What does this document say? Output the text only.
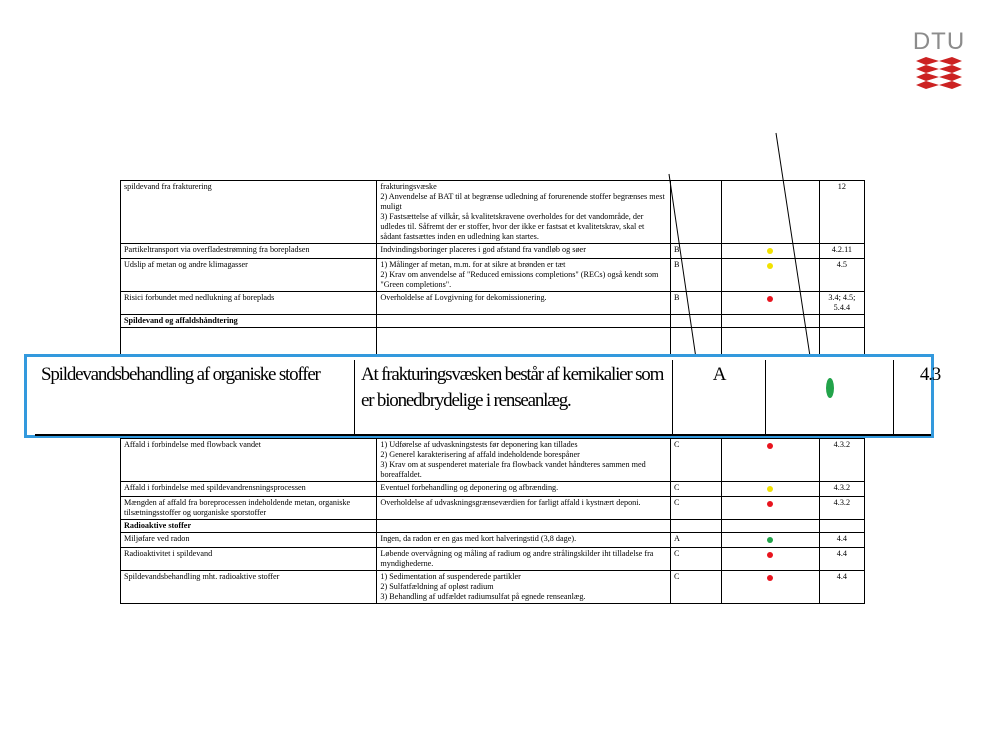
DTU
spildevand fra frakturering	frakturingsvæske
2) Anvendelse af BAT til at begrænse udledning af forurenende stoffer begrænses mest muligt
3) Fastsættelse af vilkår, så kvalitetskravene overholdes for det vandområde, der udledes til. Såfremt der er stoffer, hvor der ikke er fastsat et kvalitetskrav, skal et sådant fastsættes inden en udledning kan startes.			12
Partikeltransport via overfladestrømning fra borepladsen	Indvindingsboringer placeres i god afstand fra vandløb og søer	B		4.2.11
Udslip af metan og andre klimagasser	1) Målinger af metan, m.m. for at sikre at brønden er tæt
2) Krav om anvendelse af "Reduced emissions completions" (RECs) også kendt som "Green completions".	B		4.5
Risici forbundet med nedlukning af boreplads	Overholdelse af Lovgivning for dekomissionering.	B		3.4; 4.5; 5.4.4
Spildevand og affaldshåndtering				

Affald i forbindelse med flowback vandet	1) Udførelse af udvaskningstests før deponering kan tillades
2) Generel karakterisering af affald indeholdende borespåner
3) Krav om at suspenderet materiale fra flowback vandet håndteres sammen med boreaffaldet.	C		4.3.2
Affald i forbindelse med spildevandrensningsprocessen	Eventuel forbehandling og deponering og afbrænding.	C		4.3.2
Mængden af affald fra boreprocessen indeholdende metan, organiske tilsætningsstoffer og uorganiske sporstoffer	Overholdelse af udvaskningsgrænseværdien for farligt affald i kystnært deponi.	C		4.3.2
Radioaktive stoffer				
Miljøfare ved radon	Ingen, da radon er en gas med kort halveringstid (3,8 dage).	A		4.4
Radioaktivitet i spildevand	Løbende overvågning og måling af radium og andre strålingskilder iht tilladelse fra myndighederne.	C		4.4
Spildevandsbehandling mht. radioaktive stoffer	1) Sedimentation af suspenderede partikler
2) Sulfatfældning af opløst radium
3) Behandling af udfældet radiumsulfat på egnede renseanlæg.	C		4.4
Spildevandsbehandling af organiske stoffer	At frakturingsvæsken består af kemikalier som er bionedbrydelige i renseanlæg.	A		4.3
